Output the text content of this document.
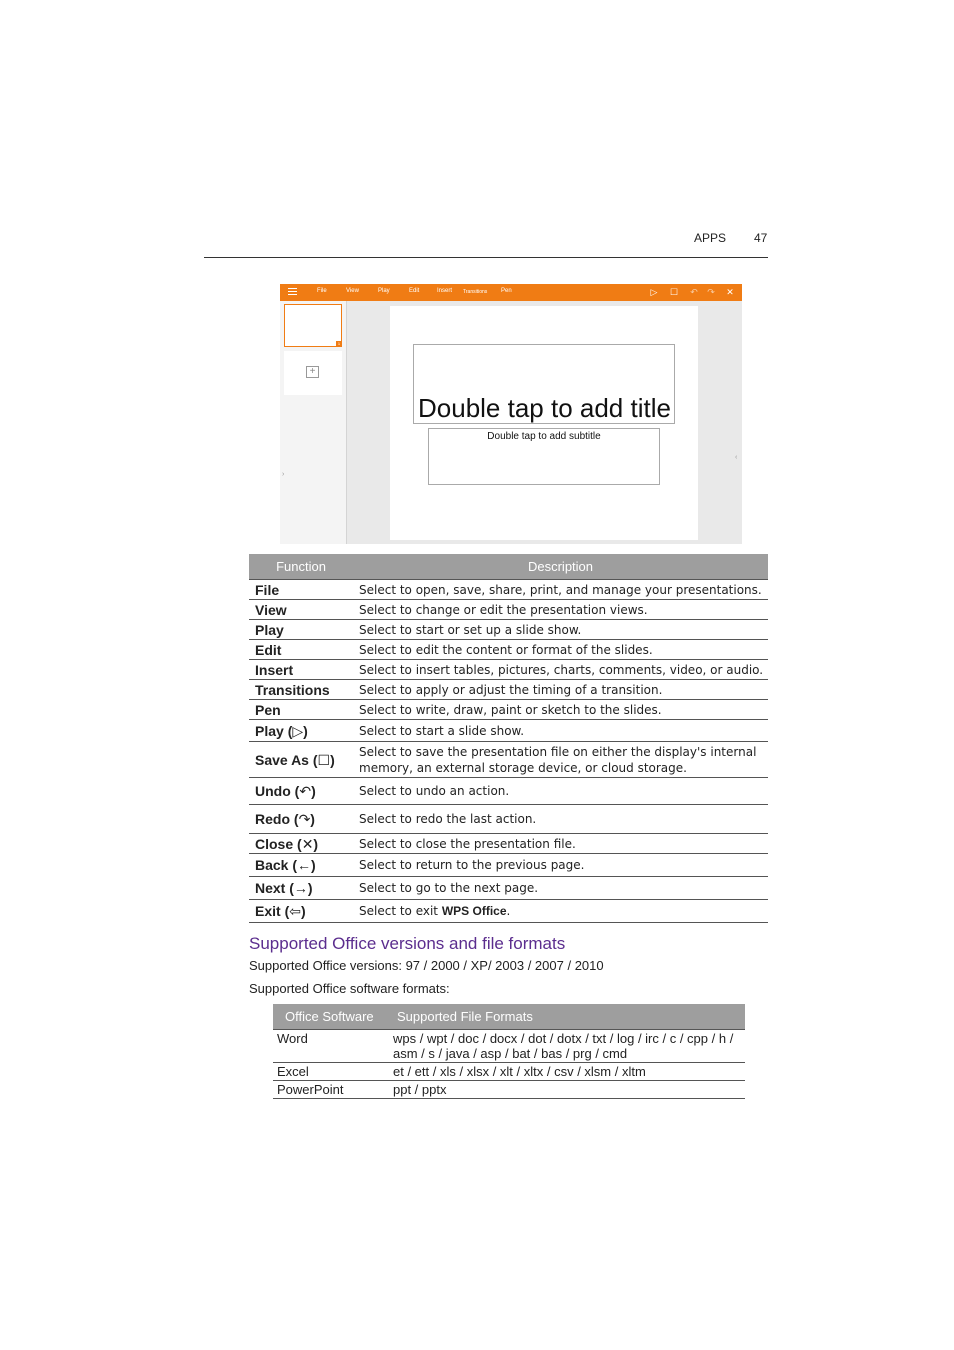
APPS 47
File	View	Play	Edit	Insert Transitions Pen	▷ ☐ ↶ ↷ ✕
1
+
›
‹
Double tap to add title
Double tap to add subtitle
Function	Description
File	Select to open, save, share, print, and manage your presentations.
View	Select to change or edit the presentation views.
Play	Select to start or set up a slide show.
Edit	Select to edit the content or format of the slides.
Insert	Select to insert tables, pictures, charts, comments, video, or audio.
Transitions	Select to apply or adjust the timing of a transition.
Pen	Select to write, draw, paint or sketch to the slides.
Play (▷)	Select to start a slide show.
Save As (☐)	Select to save the presentation file on either the display's internal memory, an external storage device, or cloud storage.
Undo (↶)	Select to undo an action.
Redo (↷)	Select to redo the last action.
Close (✕)	Select to close the presentation file.
Back (←)	Select to return to the previous page.
Next (→)	Select to go to the next page.
Exit (⇦)	Select to exit WPS Office.
Supported Office versions and file formats
Supported Office versions: 97 / 2000 / XP/ 2003 / 2007 / 2010
Supported Office software formats:
Office Software	Supported File Formats
Word	wps / wpt / doc / docx / dot / dotx / txt / log / irc / c / cpp / h / asm / s / java / asp / bat / bas / prg / cmd
Excel	et / ett / xls / xlsx / xlt / xltx / csv / xlsm / xltm
PowerPoint	ppt / pptx
